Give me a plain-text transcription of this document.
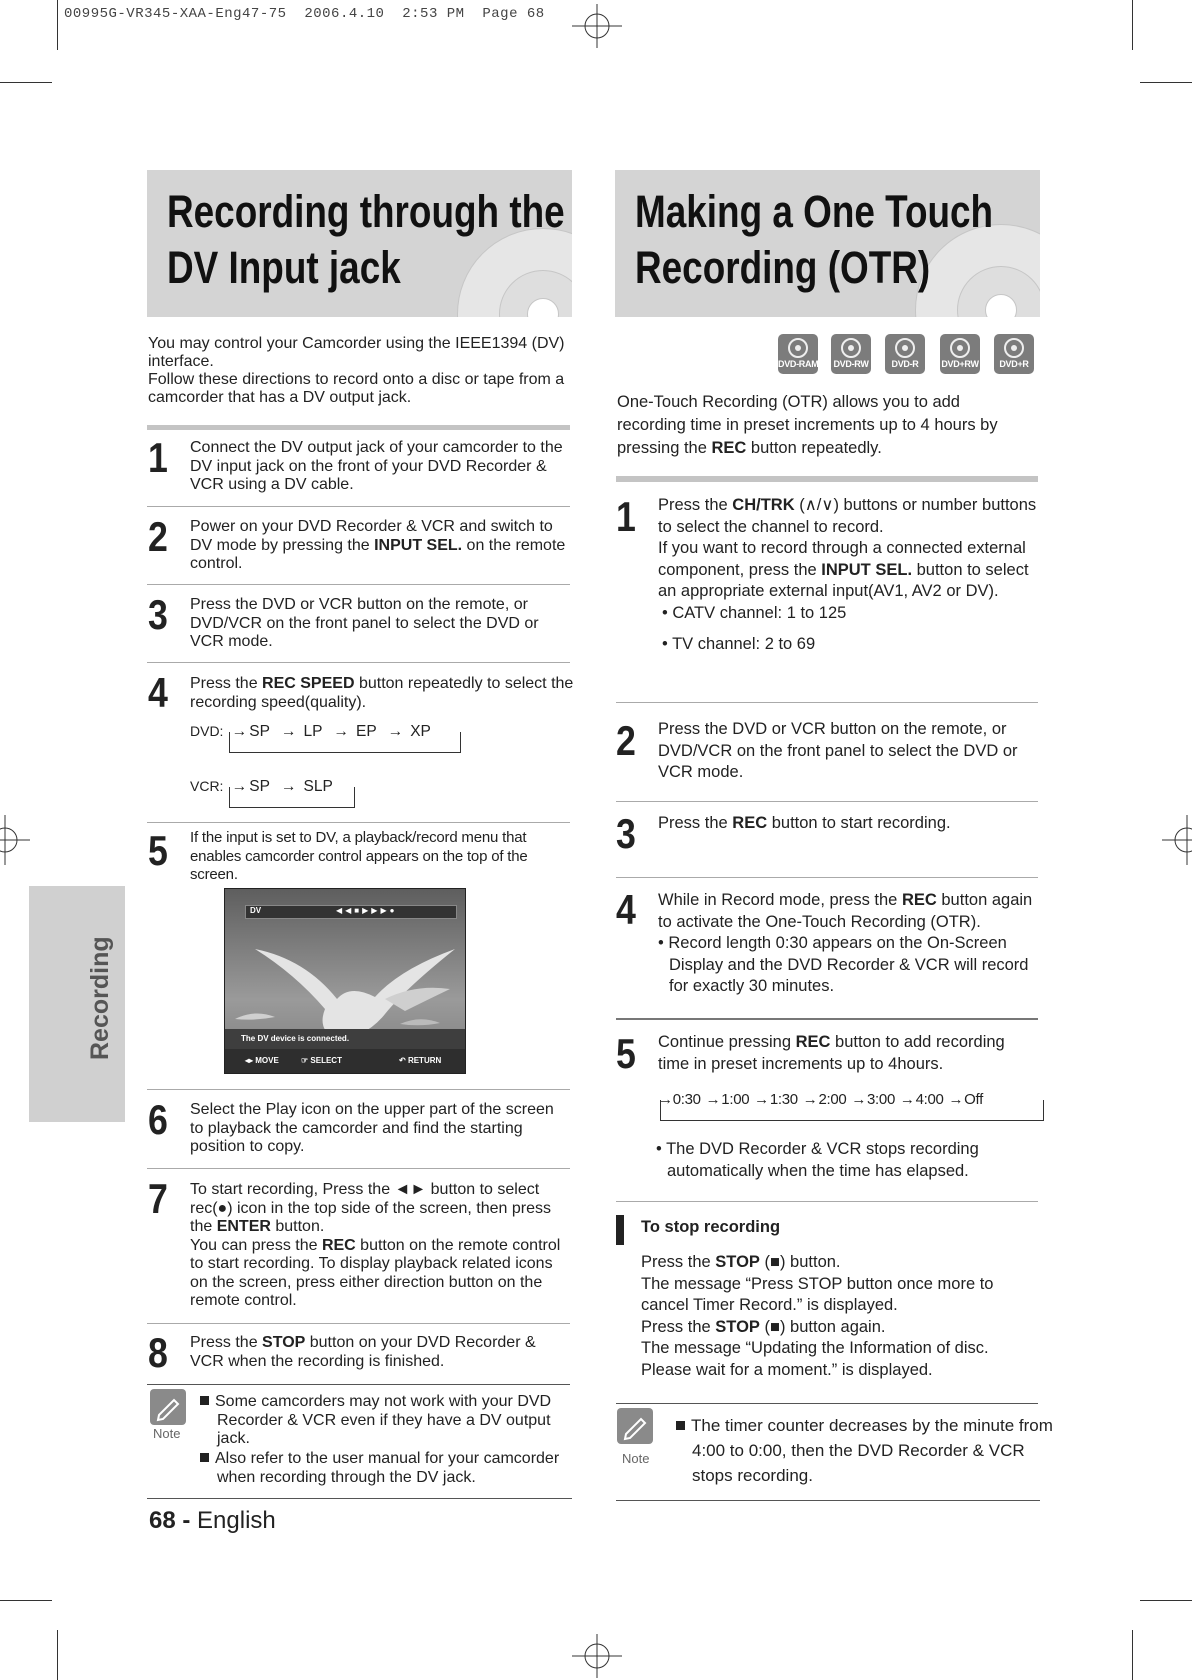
00995G-VR345-XAA-Eng47-75  2006.4.10  2:53 PM  Page 68
Recording
Recording through the
DV Input jack
You may control your Camcorder using the IEEE1394 (DV) interface.
Follow these directions to record onto a disc or tape from a camcorder that has a DV output jack.
1 Connect the DV output jack of your camcorder to the DV input jack on the front of your DVD Recorder & VCR using a DV cable.
2 Power on your DVD Recorder & VCR and switch to DV mode by pressing the INPUT SEL. on the remote control.
3 Press the DVD or VCR button on the remote, or DVD/VCR on the front panel to select the DVD or VCR mode.
4 Press the REC SPEED button repeatedly to select the recording speed(quality).
DVD: → SP → LP → EP → XP
VCR: → SP → SLP
5 If the input is set to DV, a playback/record menu that enables camcorder control appears on the top of the screen.
DV	◀◀■▶▶▶●
The DV device is connected.
◂▸ MOVE	☞ SELECT	↶ RETURN
6 Select the Play icon on the upper part of the screen to playback the camcorder and find the starting position to copy.
7 To start recording, Press the ◄► button to select rec(●) icon in the top side of the screen, then press the ENTER button.
You can press the REC button on the remote control to start recording. To display playback related icons on the screen, press either direction button on the remote control.
8 Press the STOP button on your DVD Recorder & VCR when the recording is finished.
Note
Some camcorders may not work with your DVD Recorder & VCR even if they have a DV output jack.
Also refer to the user manual for your camcorder when recording through the DV jack.
68 - English
Making a One Touch
Recording (OTR)
DVD-RAM DVD-RW	DVD-R	DVD+RW	DVD+R
One-Touch Recording (OTR) allows you to add recording time in preset increments up to 4 hours by pressing the REC button repeatedly.
1 Press the CH/TRK (∧/∨) buttons or number buttons to select the channel to record.
If you want to record through a connected external component, press the INPUT SEL. button to select an appropriate external input(AV1, AV2 or DV).
• CATV channel: 1 to 125
• TV channel: 2 to 69
2 Press the DVD or VCR button on the remote, or DVD/VCR on the front panel to select the DVD or VCR mode.
3 Press the REC button to start recording.
4 While in Record mode, press the REC button again to activate the One-Touch Recording (OTR).
• Record length 0:30 appears on the On-Screen Display and the DVD Recorder & VCR will record for exactly 30 minutes.
5 Continue pressing REC button to add recording time in preset increments up to 4hours.
→0:30 →1:00 →1:30 →2:00 →3:00 →4:00 →Off
• The DVD Recorder & VCR stops recording automatically when the time has elapsed.
To stop recording
Press the STOP (■) button.
The message “Press STOP button once more to cancel Timer Record.” is displayed.
Press the STOP (■) button again.
The message “Updating the Information of disc. Please wait for a moment.” is displayed.
Note
The timer counter decreases by the minute from 4:00 to 0:00, then the DVD Recorder & VCR stops recording.
